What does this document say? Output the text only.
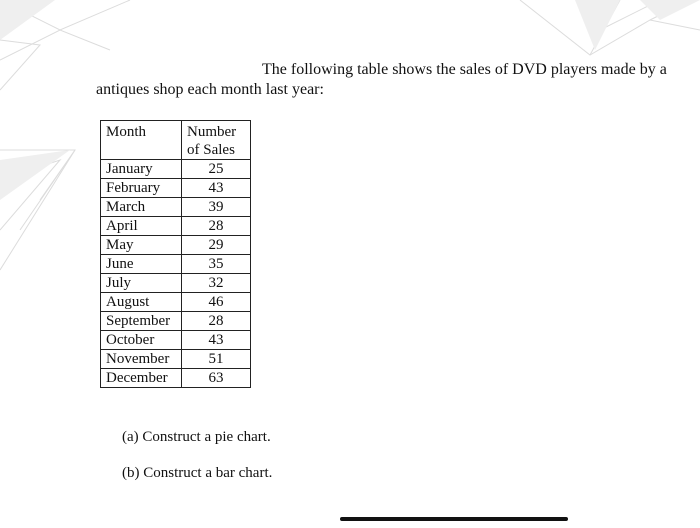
The following table shows the sales of DVD players made by a
antiques shop each month last year:
Month	Number
of Sales
January	25
February	43
March	39
April	28
May	29
June	35
July	32
August	46
September	28
October	43
November	51
December	63
(a) Construct a pie chart.
(b) Construct a bar chart.
